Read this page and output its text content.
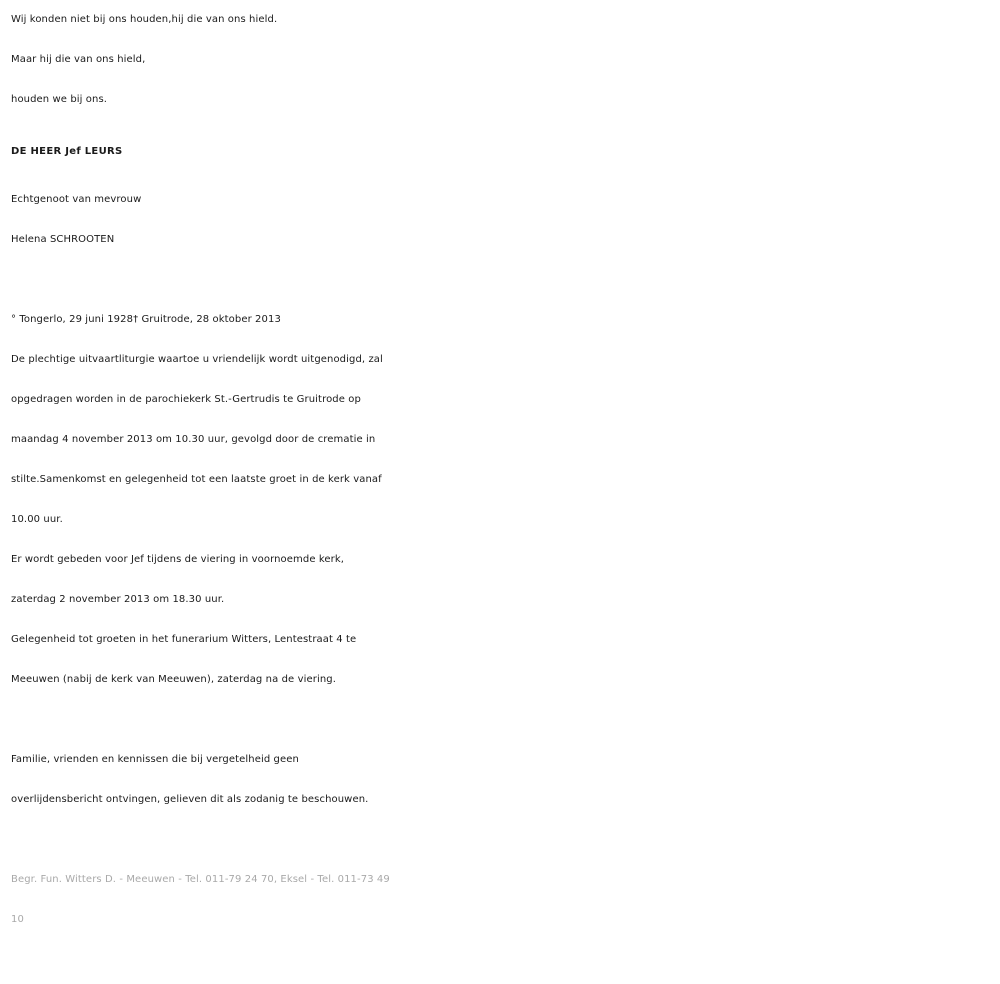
Wij konden niet bij ons houden,hij die van ons hield.
Maar hij die van ons hield,
houden we bij ons.
DE HEER Jef LEURS
Echtgenoot van mevrouw
Helena SCHROOTEN
° Tongerlo, 29 juni 1928† Gruitrode, 28 oktober 2013
De plechtige uitvaartliturgie waartoe u vriendelijk wordt uitgenodigd, zal
opgedragen worden in de parochiekerk St.-Gertrudis te Gruitrode op
maandag 4 november 2013 om 10.30 uur, gevolgd door de crematie in
stilte.Samenkomst en gelegenheid tot een laatste groet in de kerk vanaf
10.00 uur.
Er wordt gebeden voor Jef tijdens de viering in voornoemde kerk,
zaterdag 2 november 2013 om 18.30 uur.
Gelegenheid tot groeten in het funerarium Witters, Lentestraat 4 te
Meeuwen (nabij de kerk van Meeuwen), zaterdag na de viering.
Familie, vrienden en kennissen die bij vergetelheid geen
overlijdensbericht ontvingen, gelieven dit als zodanig te beschouwen.
Begr. Fun. Witters D. - Meeuwen - Tel. 011-79 24 70, Eksel - Tel. 011-73 49
10
